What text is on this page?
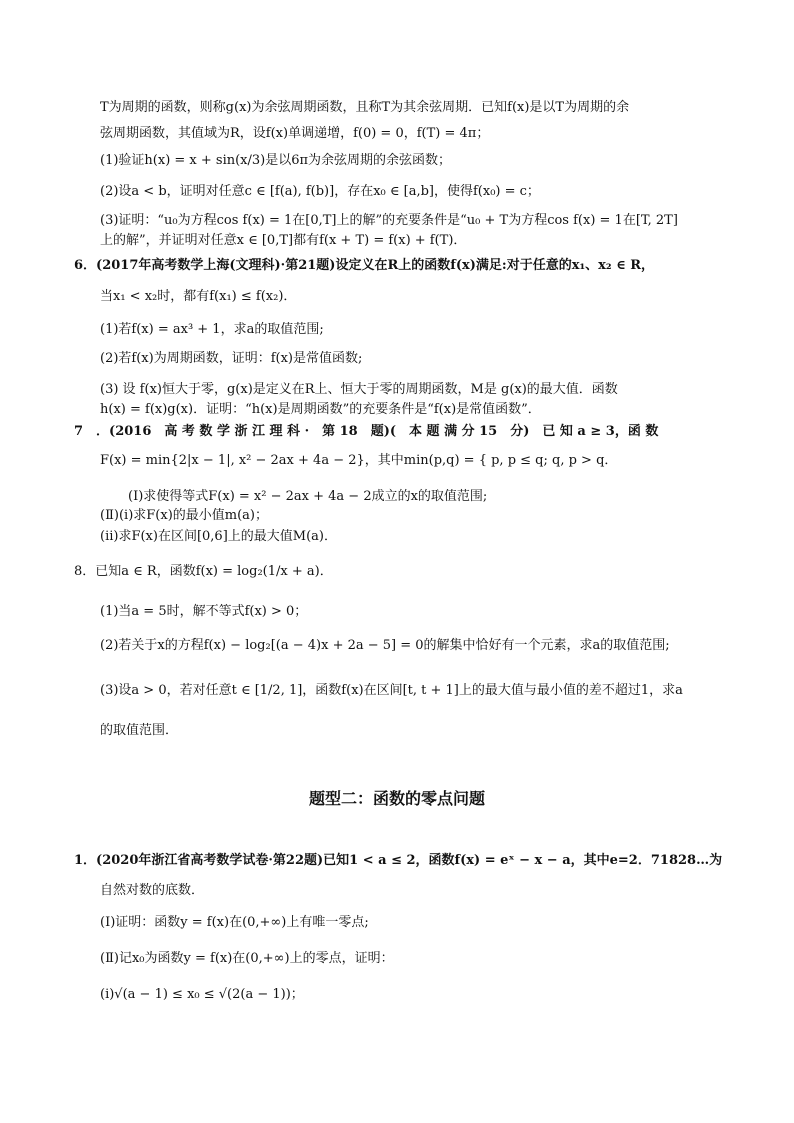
T为周期的函数，则称g(x)为余弦周期函数，且称T为其余弦周期．已知f(x)是以T为周期的余
弦周期函数，其值域为R，设f(x)单调递增，f(0) = 0，f(T) = 4π；
(1)验证h(x) = x + sin(x/3)是以6π为余弦周期的余弦函数；
(2)设a < b，证明对任意c ∈ [f(a), f(b)]，存在x₀ ∈ [a,b]，使得f(x₀) = c；
(3)证明：“u₀为方程cos f(x) = 1在[0,T]上的解”的充要条件是“u₀ + T为方程cos f(x) = 1在[T, 2T]
上的解”，并证明对任意x ∈ [0,T]都有f(x + T) = f(x) + f(T)．
6．(2017年高考数学上海(文理科)·第21题)设定义在R上的函数f(x)满足:对于任意的x₁、x₂ ∈ R，
当x₁ < x₂时，都有f(x₁) ≤ f(x₂)．
(1)若f(x) = ax³ + 1，求a的取值范围;
(2)若f(x)为周期函数，证明：f(x)是常值函数;
(3) 设 f(x)恒大于零，g(x)是定义在R上、恒大于零的周期函数，M是 g(x)的最大值．函数
h(x) = f(x)g(x)．证明：“h(x)是周期函数”的充要条件是“f(x)是常值函数”．
7　．(2016　高 考 数 学 浙 江 理 科 ·　第 18　题)(　本 题 满 分 15　分)　已 知 a ≥ 3，函 数
F(x) = min{2|x − 1|, x² − 2ax + 4a − 2}，其中min(p,q) = { p, p ≤ q; q, p > q．
(Ⅰ)求使得等式F(x) = x² − 2ax + 4a − 2成立的x的取值范围;
(Ⅱ)(ⅰ)求F(x)的最小值m(a)；
(ⅱ)求F(x)在区间[0,6]上的最大值M(a)．
8．已知a ∈ R，函数f(x) = log₂(1/x + a)．
(1)当a = 5时，解不等式f(x) > 0；
(2)若关于x的方程f(x) − log₂[(a − 4)x + 2a − 5] = 0的解集中恰好有一个元素，求a的取值范围;
(3)设a > 0，若对任意t ∈ [1/2, 1]，函数f(x)在区间[t, t + 1]上的最大值与最小值的差不超过1，求a
的取值范围．
1．(2020年浙江省高考数学试卷·第22题)已知1 < a ≤ 2，函数f(x) = eˣ − x − a，其中e=2．71828…为
自然对数的底数．
(Ⅰ)证明：函数y = f(x)在(0,+∞)上有唯一零点;
(Ⅱ)记x₀为函数y = f(x)在(0,+∞)上的零点，证明：
(ⅰ)√(a − 1) ≤ x₀ ≤ √(2(a − 1))；
题型二：函数的零点问题
